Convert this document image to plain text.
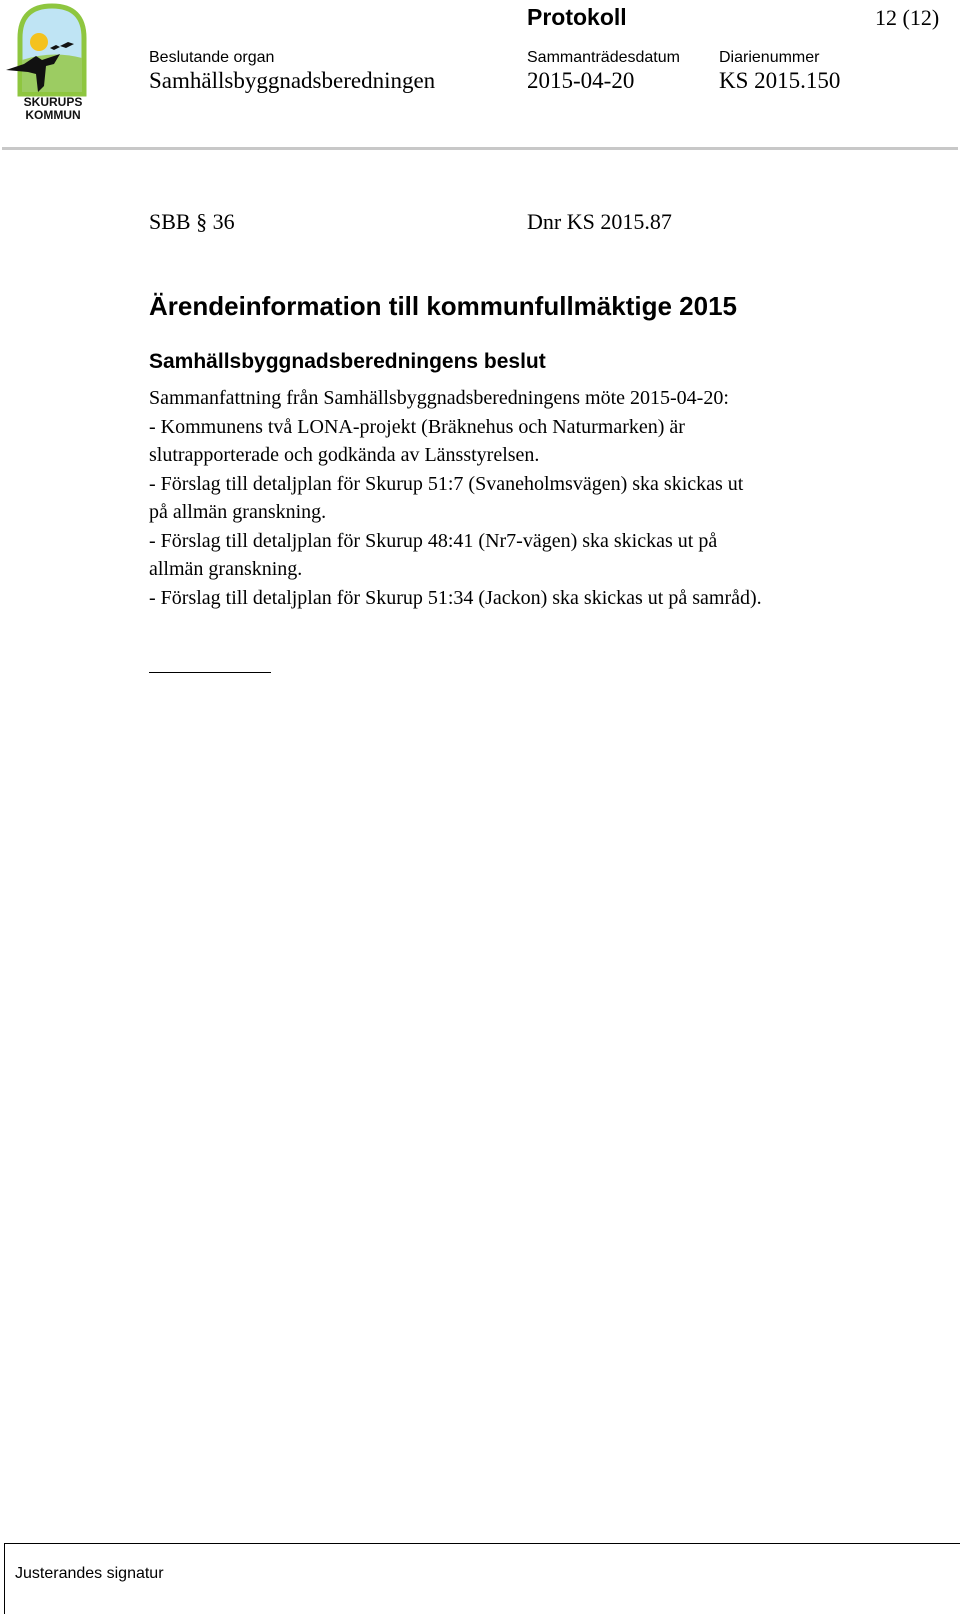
SKURUPS
KOMMUN
Protokoll	12 (12)
Beslutande organ
Samhällsbyggnadsberedningen
Sammanträdesdatum
2015-04-20
Diarienummer
KS 2015.150
SBB § 36	Dnr KS 2015.87
Ärendeinformation till kommunfullmäktige 2015
Samhällsbyggnadsberedningens beslut
Sammanfattning från Samhällsbyggnadsberedningens möte 2015-04-20:
- Kommunens två LONA-projekt (Bräknehus och Naturmarken) är
slutrapporterade och godkända av Länsstyrelsen.
- Förslag till detaljplan för Skurup 51:7 (Svaneholmsvägen) ska skickas ut
på allmän granskning.
- Förslag till detaljplan för Skurup 48:41 (Nr7-vägen) ska skickas ut på
allmän granskning.
- Förslag till detaljplan för Skurup 51:34 (Jackon) ska skickas ut på samråd).
Justerandes signatur
